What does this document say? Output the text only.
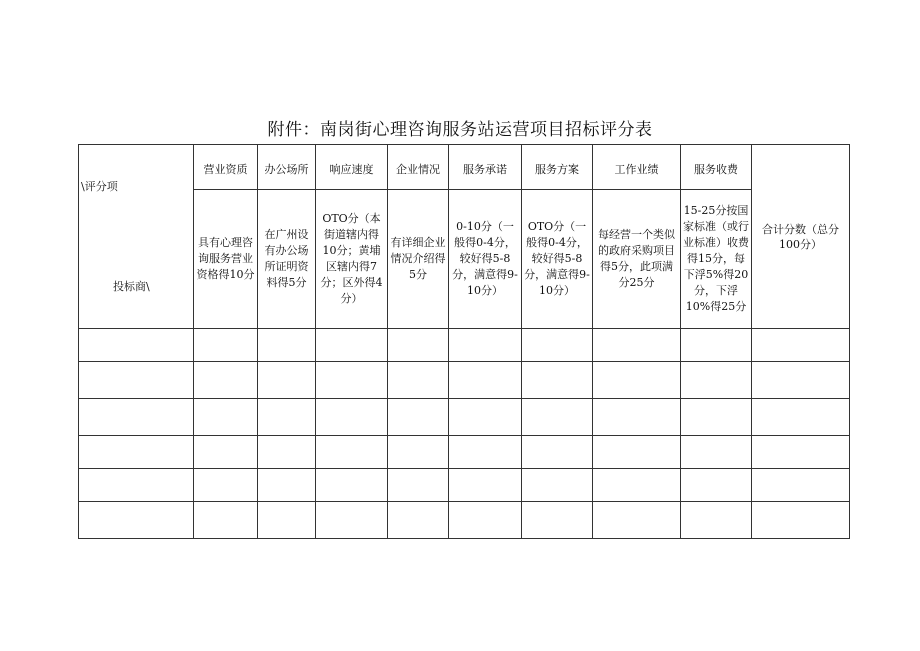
附件：南岗街心理咨询服务站运营项目招标评分表
\评分项
投标商\	营业资质	办公场所	响应速度	企业情况	服务承诺	服务方案	工作业绩	服务收费	合计分数（总分100分）
	具有心理咨询服务营业资格得10分	在广州设有办公场所证明资料得5分	OTO分（本街道辖内得10分；黄埔区辖内得7分；区外得4分）	有详细企业情况介绍得5分	0-10分（一般得0-4分，较好得5-8分，满意得9-10分）	OTO分（一般得0-4分，较好得5-8分，满意得9-10分）	每经营一个类似的政府采购项目得5分，此项满分25分	15-25分按国家标准（或行业标准）收费得15分，每下浮5%得20分，下浮10%得25分	
